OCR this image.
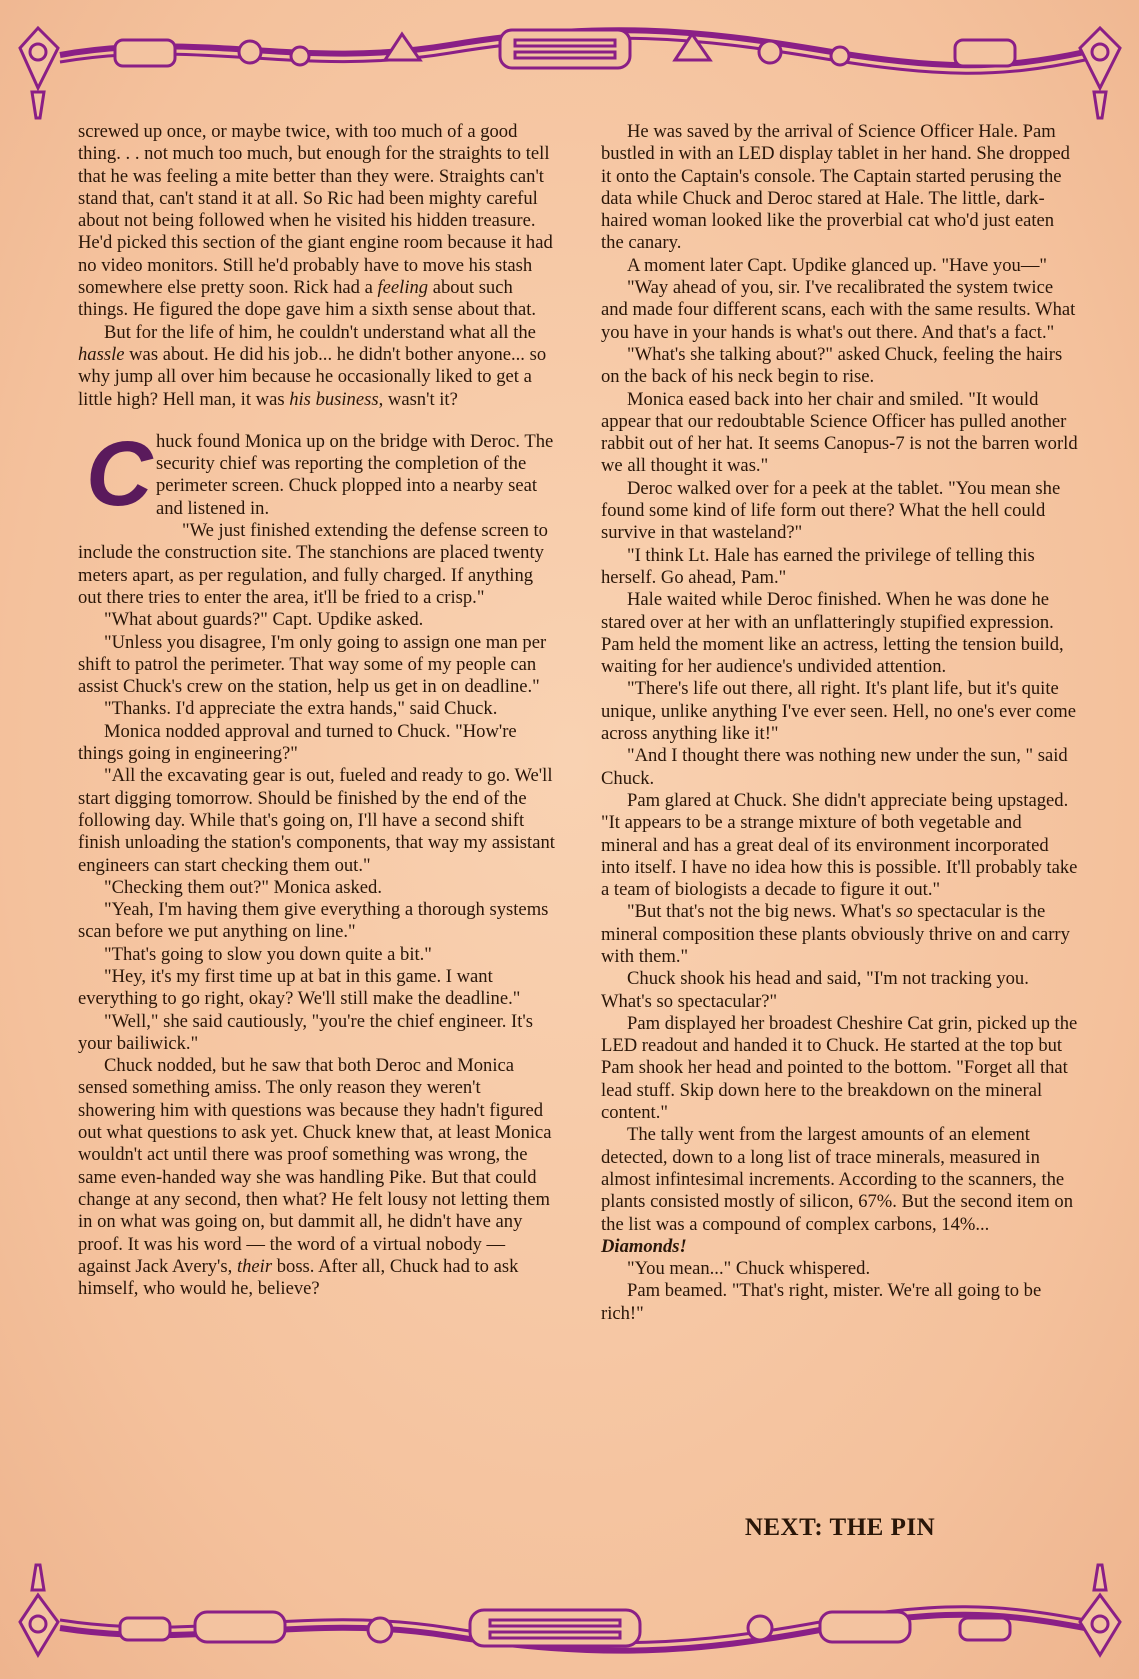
screwed up once, or maybe twice, with too much of a good thing. . . not much too much, but enough for the straights to tell that he was feeling a mite better than they were. Straights can't stand that, can't stand it at all. So Ric had been mighty careful about not being followed when he visited his hidden treasure. He'd picked this section of the giant engine room because it had no video monitors. Still he'd probably have to move his stash somewhere else pretty soon. Rick had a feeling about such things. He figured the dope gave him a sixth sense about that.

But for the life of him, he couldn't understand what all the hassle was about. He did his job... he didn't bother anyone... so why jump all over him because he occasionally liked to get a little high? Hell man, it was his business, wasn't it?

Chuck found Monica up on the bridge with Deroc. The security chief was reporting the completion of the perimeter screen. Chuck plopped into a nearby seat and listened in.

"We just finished extending the defense screen to include the construction site. The stanchions are placed twenty meters apart, as per regulation, and fully charged. If anything out there tries to enter the area, it'll be fried to a crisp."

"What about guards?" Capt. Updike asked.

"Unless you disagree, I'm only going to assign one man per shift to patrol the perimeter. That way some of my people can assist Chuck's crew on the station, help us get in on deadline."

"Thanks. I'd appreciate the extra hands," said Chuck.

Monica nodded approval and turned to Chuck. "How're things going in engineering?"

"All the excavating gear is out, fueled and ready to go. We'll start digging tomorrow. Should be finished by the end of the following day. While that's going on, I'll have a second shift finish unloading the station's components, that way my assistant engineers can start checking them out."

"Checking them out?" Monica asked.

"Yeah, I'm having them give everything a thorough systems scan before we put anything on line."

"That's going to slow you down quite a bit."

"Hey, it's my first time up at bat in this game. I want everything to go right, okay? We'll still make the deadline."

"Well," she said cautiously, "you're the chief engineer. It's your bailiwick."

Chuck nodded, but he saw that both Deroc and Monica sensed something amiss. The only reason they weren't showering him with questions was because they hadn't figured out what questions to ask yet. Chuck knew that, at least Monica wouldn't act until there was proof something was wrong, the same even-handed way she was handling Pike. But that could change at any second, then what? He felt lousy not letting them in on what was going on, but dammit all, he didn't have any proof. It was his word — the word of a virtual nobody — against Jack Avery's, their boss. After all, Chuck had to ask himself, who would he, believe?

He was saved by the arrival of Science Officer Hale. Pam bustled in with an LED display tablet in her hand. She dropped it onto the Captain's console. The Captain started perusing the data while Chuck and Deroc stared at Hale. The little, dark-haired woman looked like the proverbial cat who'd just eaten the canary.

A moment later Capt. Updike glanced up. "Have you—"

"Way ahead of you, sir. I've recalibrated the system twice and made four different scans, each with the same results. What you have in your hands is what's out there. And that's a fact."

"What's she talking about?" asked Chuck, feeling the hairs on the back of his neck begin to rise.

Monica eased back into her chair and smiled. "It would appear that our redoubtable Science Officer has pulled another rabbit out of her hat. It seems Canopus-7 is not the barren world we all thought it was."

Deroc walked over for a peek at the tablet. "You mean she found some kind of life form out there? What the hell could survive in that wasteland?"

"I think Lt. Hale has earned the privilege of telling this herself. Go ahead, Pam."

Hale waited while Deroc finished. When he was done he stared over at her with an unflatteringly stupified expression. Pam held the moment like an actress, letting the tension build, waiting for her audience's undivided attention.

"There's life out there, all right. It's plant life, but it's quite unique, unlike anything I've ever seen. Hell, no one's ever come across anything like it!"

"And I thought there was nothing new under the sun, " said Chuck.

Pam glared at Chuck. She didn't appreciate being upstaged. "It appears to be a strange mixture of both vegetable and mineral and has a great deal of its environment incorporated into itself. I have no idea how this is possible. It'll probably take a team of biologists a decade to figure it out."

"But that's not the big news. What's so spectacular is the mineral composition these plants obviously thrive on and carry with them."

Chuck shook his head and said, "I'm not tracking you. What's so spectacular?"

Pam displayed her broadest Cheshire Cat grin, picked up the LED readout and handed it to Chuck. He started at the top but Pam shook her head and pointed to the bottom. "Forget all that lead stuff. Skip down here to the breakdown on the mineral content."

The tally went from the largest amounts of an element detected, down to a long list of trace minerals, measured in almost infintesimal increments. According to the scanners, the plants consisted mostly of silicon, 67%. But the second item on the list was a compound of complex carbons, 14%... Diamonds!

"You mean..." Chuck whispered.

Pam beamed. "That's right, mister. We're all going to be rich!"

NEXT: THE PIN
